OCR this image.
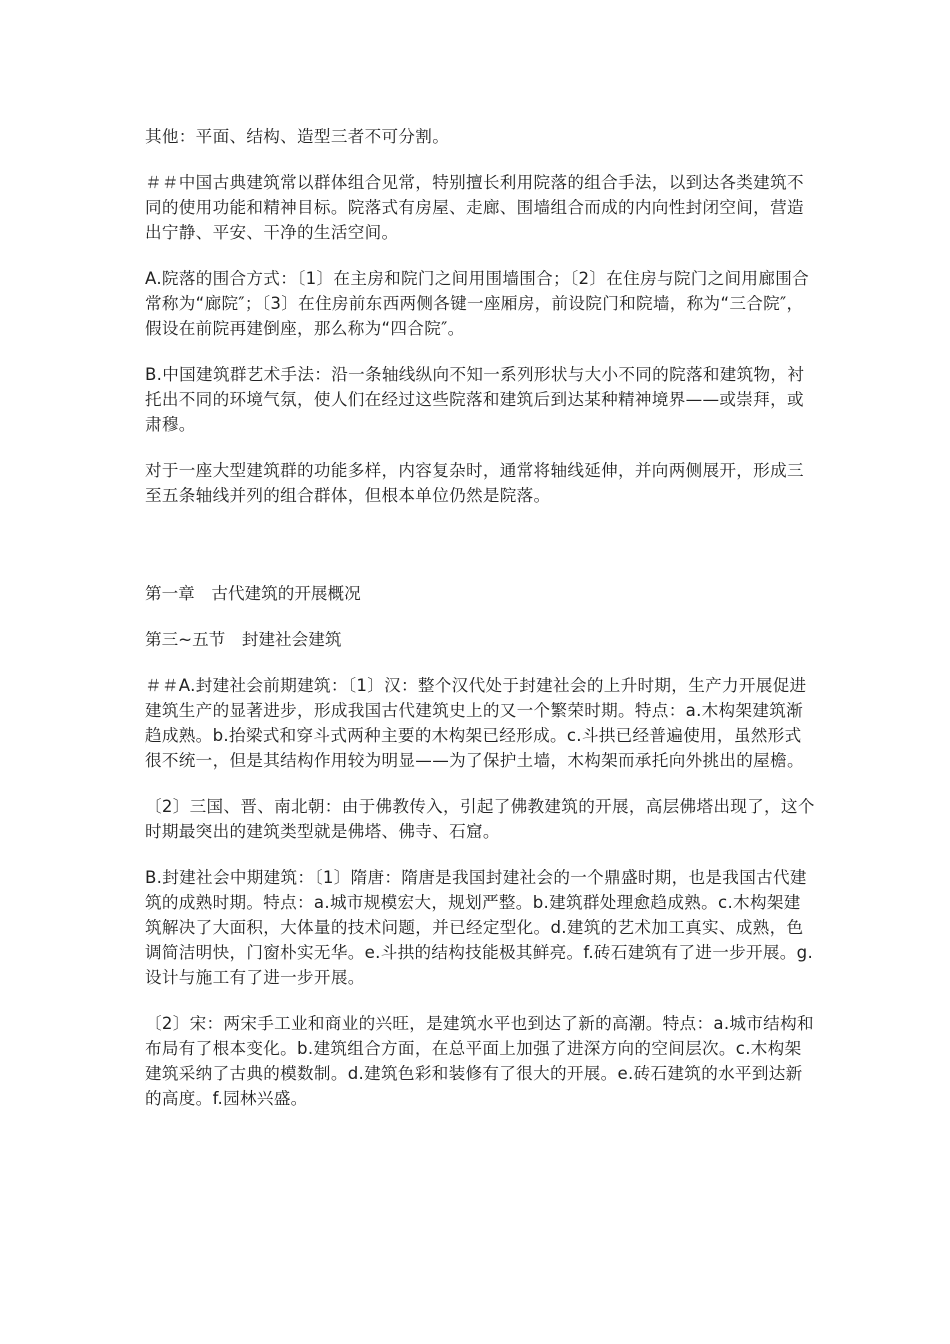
其他：平面、结构、造型三者不可分割。

＃＃中国古典建筑常以群体组合见常，特别擅长利用院落的组合手法，以到达各类建筑不同的使用功能和精神目标。院落式有房屋、走廊、围墙组合而成的内向性封闭空间，营造出宁静、平安、干净的生活空间。

A.院落的围合方式：〔1〕在主房和院门之间用围墙围合；〔2〕在住房与院门之间用廊围合常称为“廊院″；〔3〕在住房前东西两侧各键一座厢房，前设院门和院墙，称为“三合院″，假设在前院再建倒座，那么称为“四合院″。

B.中国建筑群艺术手法：沿一条轴线纵向不知一系列形状与大小不同的院落和建筑物，衬托出不同的环境气氛，使人们在经过这些院落和建筑后到达某种精神境界——或崇拜，或肃穆。

对于一座大型建筑群的功能多样，内容复杂时，通常将轴线延伸，并向两侧展开，形成三至五条轴线并列的组合群体，但根本单位仍然是院落。

第一章　古代建筑的开展概况
第三~五节　封建社会建筑

＃＃A.封建社会前期建筑：〔1〕汉：整个汉代处于封建社会的上升时期，生产力开展促进建筑生产的显著进步，形成我国古代建筑史上的又一个繁荣时期。特点：a.木构架建筑渐趋成熟。b.抬梁式和穿斗式两种主要的木构架已经形成。c.斗拱已经普遍使用，虽然形式很不统一，但是其结构作用较为明显——为了保护土墙，木构架而承托向外挑出的屋檐。

〔2〕三国、晋、南北朝：由于佛教传入，引起了佛教建筑的开展，高层佛塔出现了，这个时期最突出的建筑类型就是佛塔、佛寺、石窟。

B.封建社会中期建筑：〔1〕隋唐：隋唐是我国封建社会的一个鼎盛时期，也是我国古代建筑的成熟时期。特点：a.城市规模宏大，规划严整。b.建筑群处理愈趋成熟。c.木构架建筑解决了大面积，大体量的技术问题，并已经定型化。d.建筑的艺术加工真实、成熟，色调简洁明快，门窗朴实无华。e.斗拱的结构技能极其鲜亮。f.砖石建筑有了进一步开展。g.设计与施工有了进一步开展。

〔2〕宋：两宋手工业和商业的兴旺，是建筑水平也到达了新的高潮。特点：a.城市结构和布局有了根本变化。b.建筑组合方面，在总平面上加强了进深方向的空间层次。c.木构架建筑采纳了古典的模数制。d.建筑色彩和装修有了很大的开展。e.砖石建筑的水平到达新的高度。f.园林兴盛。
